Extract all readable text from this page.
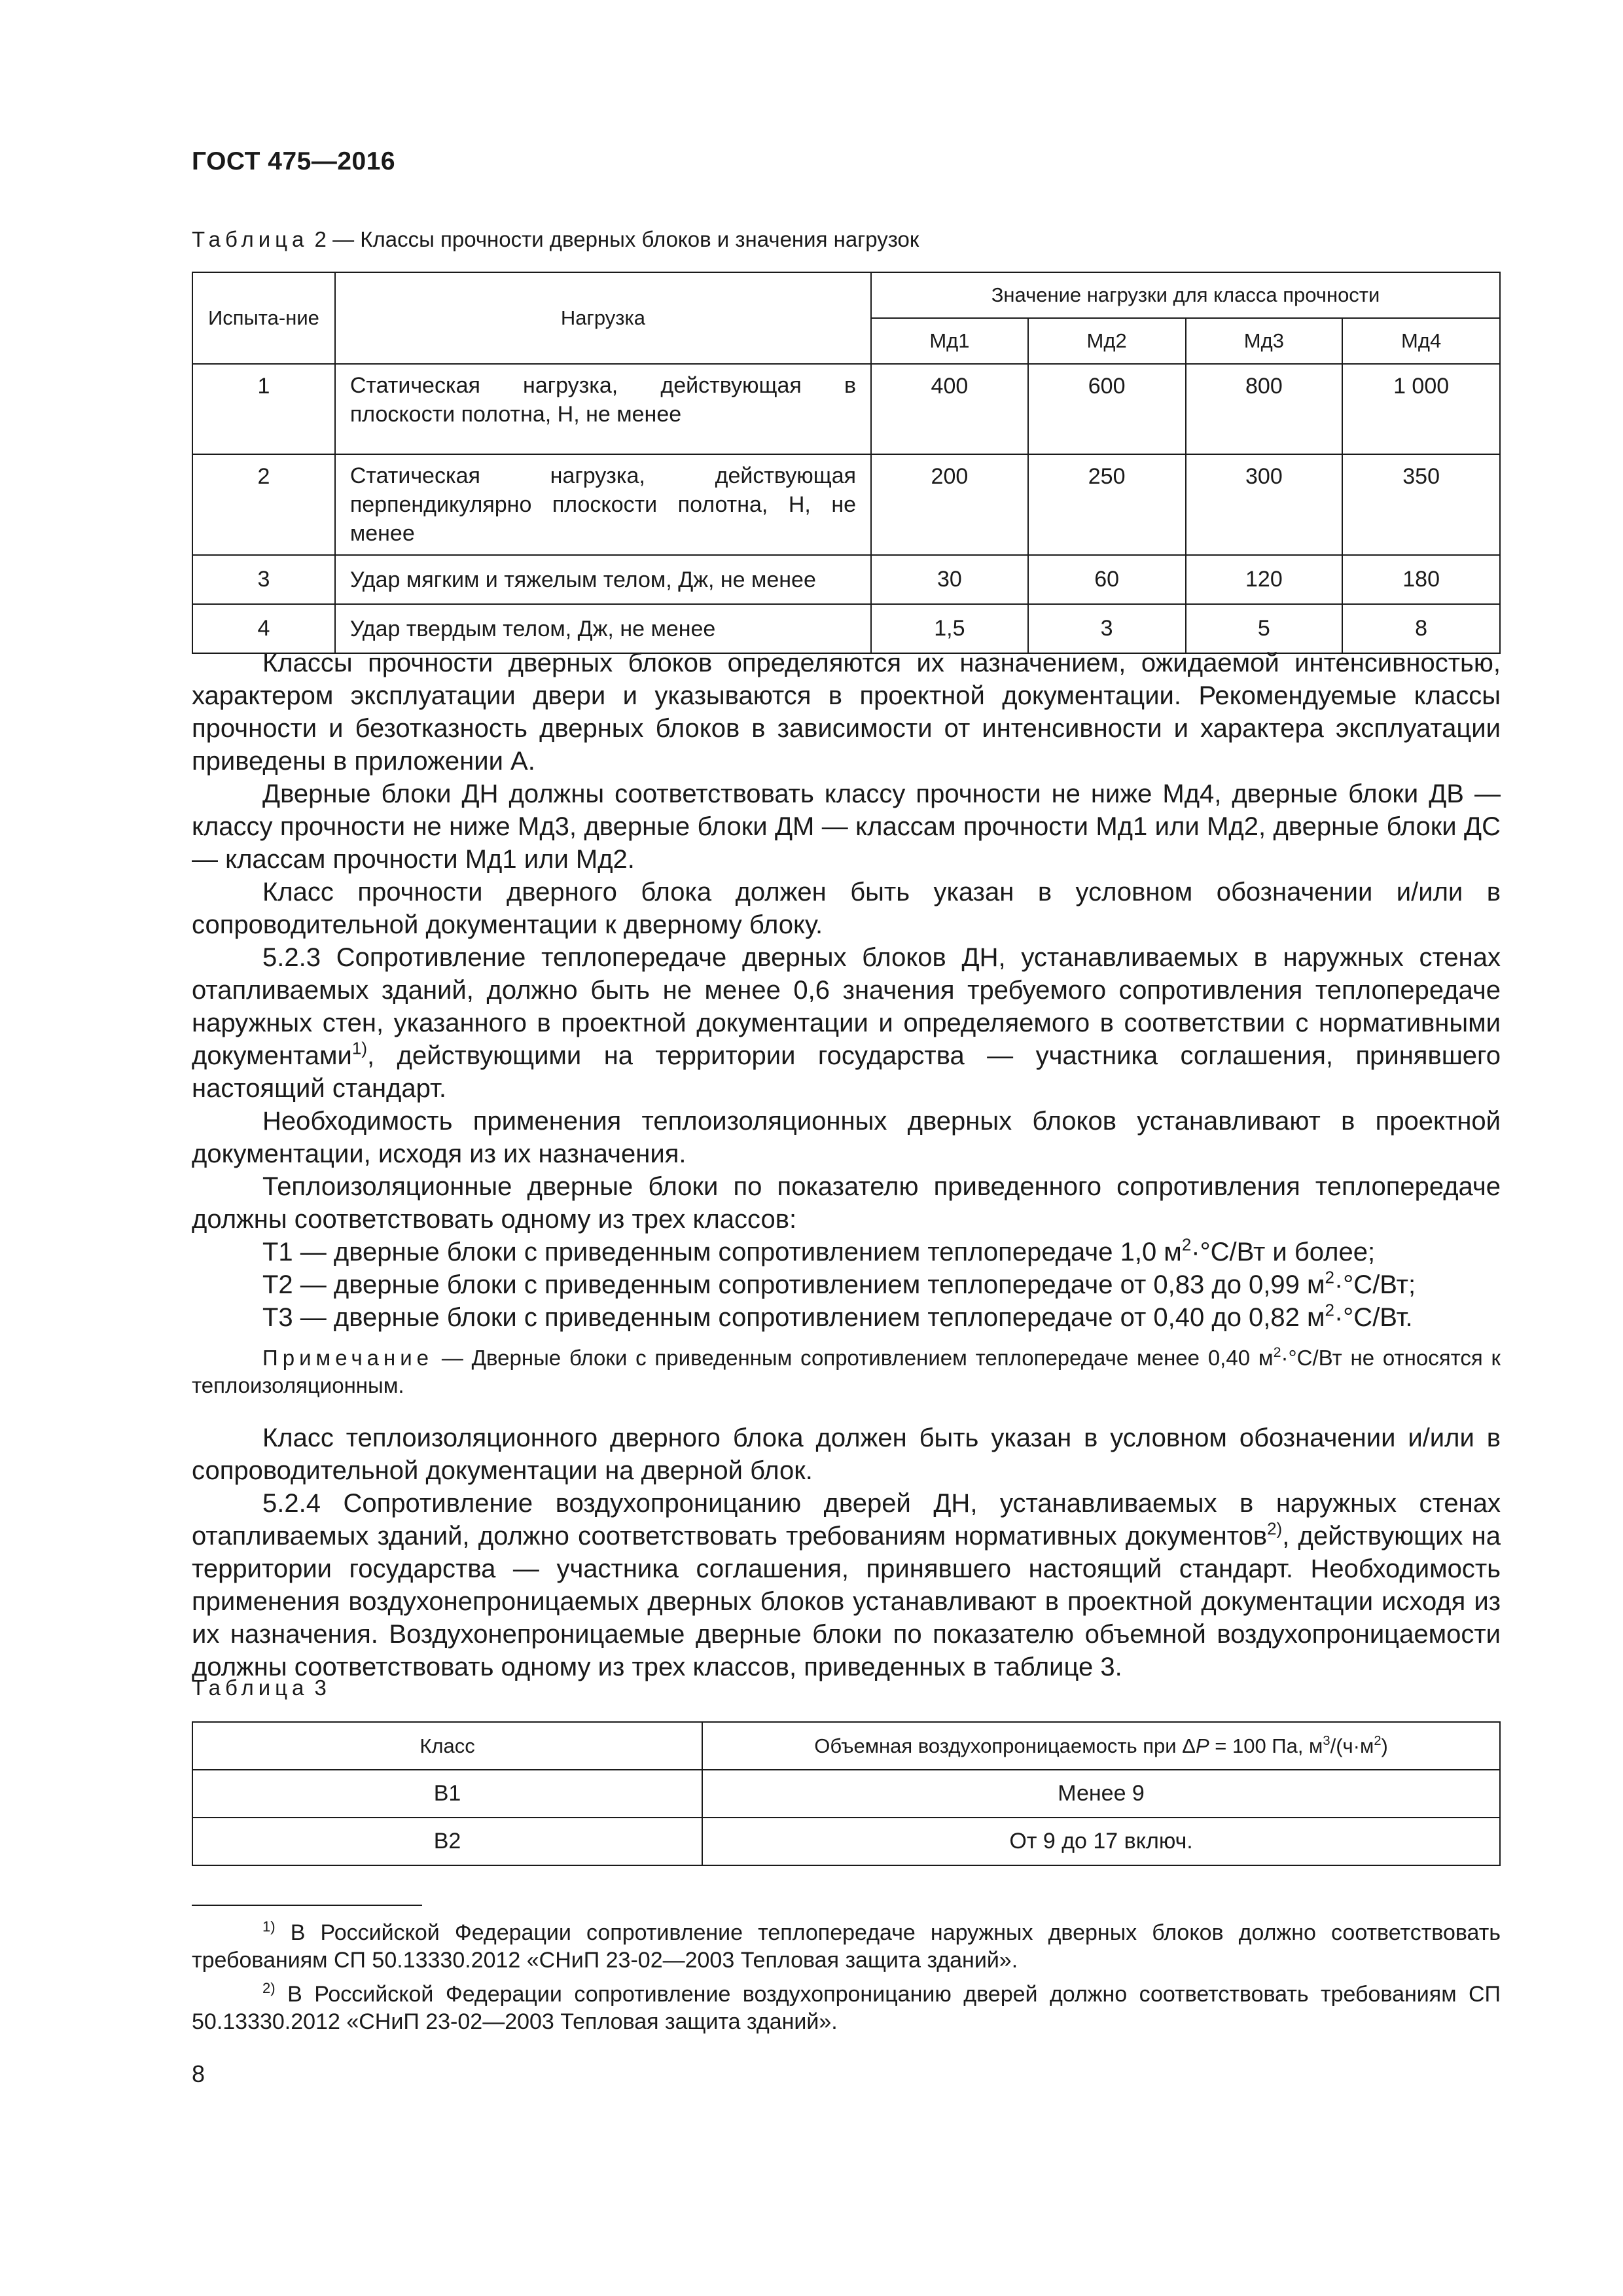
ГОСТ 475—2016
Таблица 2 — Классы прочности дверных блоков и значения нагрузок
Испыта-ние	Нагрузка	Значение нагрузки для класса прочности			
		Мд1	Мд2	Мд3	Мд4
1	Статическая нагрузка, действующая в плоскости полотна, Н, не менее	400	600	800	1 000
2	Статическая нагрузка, действующая перпендикулярно плоскости полотна, Н, не менее	200	250	300	350
3	Удар мягким и тяжелым телом, Дж, не менее	30	60	120	180
4	Удар твердым телом, Дж, не менее	1,5	3	5	8

Классы прочности дверных блоков определяются их назначением, ожидаемой интенсивностью, характером эксплуатации двери и указываются в проектной документации. Рекомендуемые классы прочности и безотказность дверных блоков в зависимости от интенсивности и характера эксплуатации приведены в приложении А.

Дверные блоки ДН должны соответствовать классу прочности не ниже Мд4, дверные блоки ДВ — классу прочности не ниже Мд3, дверные блоки ДМ — классам прочности Мд1 или Мд2, дверные блоки ДС — классам прочности Мд1 или Мд2.

Класс прочности дверного блока должен быть указан в условном обозначении и/или в сопроводительной документации к дверному блоку.

5.2.3 Сопротивление теплопередаче дверных блоков ДН, устанавливаемых в наружных стенах отапливаемых зданий, должно быть не менее 0,6 значения требуемого сопротивления теплопередаче наружных стен, указанного в проектной документации и определяемого в соответствии с нормативными документами$^{1)}$, действующими на территории государства — участника соглашения, принявшего настоящий стандарт.

Необходимость применения теплоизоляционных дверных блоков устанавливают в проектной документации, исходя из их назначения.

Теплоизоляционные дверные блоки по показателю приведенного сопротивления теплопередаче должны соответствовать одному из трех классов:

Т1 — дверные блоки с приведенным сопротивлением теплопередаче 1,0 $м^2\cdot^\circ С/Вт$ и более;

Т2 — дверные блоки с приведенным сопротивлением теплопередаче от 0,83 до 0,99 $м^2\cdot^\circ С/Вт$;

Т3 — дверные блоки с приведенным сопротивлением теплопередаче от 0,40 до 0,82 $м^2\cdot^\circ С/Вт$.

Примечание — Дверные блоки с приведенным сопротивлением теплопередаче менее 0,40 $м^2\cdot^\circ С/Вт$ не относятся к теплоизоляционным.

Класс теплоизоляционного дверного блока должен быть указан в условном обозначении и/или в сопроводительной документации на дверной блок.

5.2.4 Сопротивление воздухопроницанию дверей ДН, устанавливаемых в наружных стенах отапливаемых зданий, должно соответствовать требованиям нормативных документов$^{2)}$, действующих на территории государства — участника соглашения, принявшего настоящий стандарт. Необходимость применения воздухонепроницаемых дверных блоков устанавливают в проектной документации исходя из их назначения. Воздухонепроницаемые дверные блоки по показателю объемной воздухопроницаемости должны соответствовать одному из трех классов, приведенных в таблице 3.

Таблица 3
Класс	Объемная воздухопроницаемость при ΔP = 100 Па, $м^3/(ч\cdot м^2)$
В1	Менее 9
В2	От 9 до 17 включ.

$^{1)}$ В Российской Федерации сопротивление теплопередаче наружных дверных блоков должно соответствовать требованиям СП 50.13330.2012 «СНиП 23-02—2003 Тепловая защита зданий».

$^{2)}$ В Российской Федерации сопротивление воздухопроницанию дверей должно соответствовать требованиям СП 50.13330.2012 «СНиП 23-02—2003 Тепловая защита зданий».

8
